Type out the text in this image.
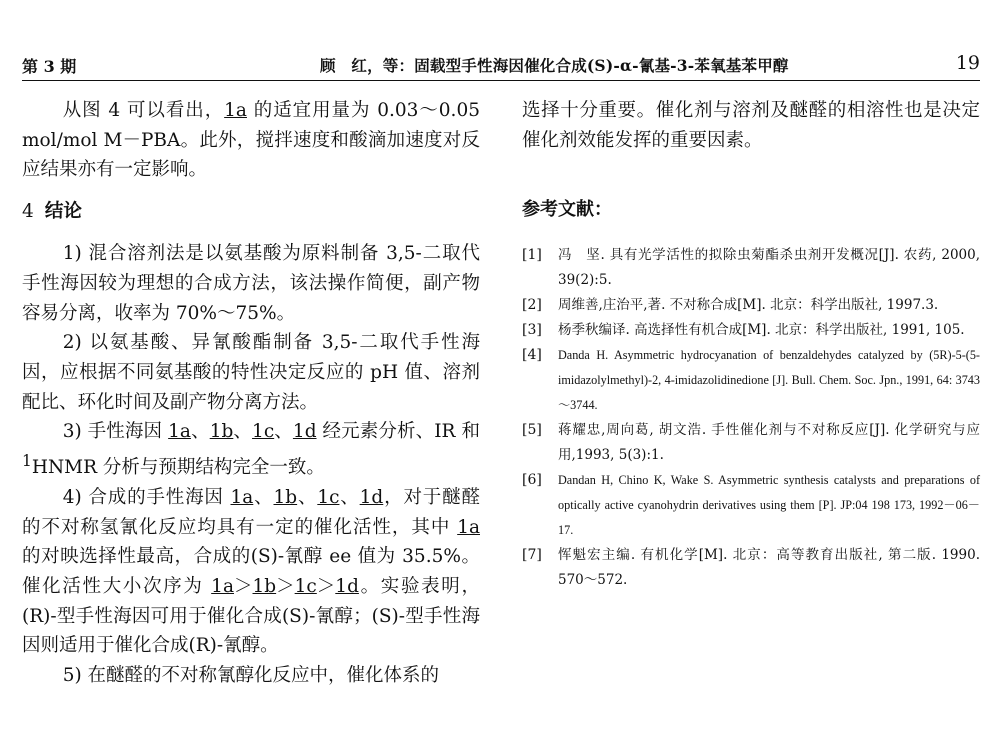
第 3 期	顾　红，等：固载型手性海因催化合成(S)-α-氰基-3-苯氧基苯甲醇	19

从图 4 可以看出，1a 的适宜用量为 0.03～0.05 mol/mol M－PBA。此外，搅拌速度和酸滴加速度对反应结果亦有一定影响。

4 结论

1) 混合溶剂法是以氨基酸为原料制备 3,5-二取代手性海因较为理想的合成方法，该法操作简便，副产物容易分离，收率为 70%～75%。

2) 以氨基酸、异氰酸酯制备 3,5-二取代手性海因，应根据不同氨基酸的特性决定反应的 pH 值、溶剂配比、环化时间及副产物分离方法。

3) 手性海因 1a、1b、1c、1d 经元素分析、IR 和 $^1$HNMR 分析与预期结构完全一致。

4) 合成的手性海因 1a、1b、1c、1d，对于醚醛的不对称氢氰化反应均具有一定的催化活性，其中 1a 的对映选择性最高，合成的(S)-氰醇 ee 值为 35.5%。催化活性大小次序为 1a＞1b＞1c＞1d。实验表明，(R)-型手性海因可用于催化合成(S)-氰醇；(S)-型手性海因则适用于催化合成(R)-氰醇。

5) 在醚醛的不对称氰醇化反应中，催化体系的

选择十分重要。催化剂与溶剂及醚醛的相溶性也是决定催化剂效能发挥的重要因素。

参考文献：
[1]	冯　坚. 具有光学活性的拟除虫菊酯杀虫剂开发概况[J]. 农药, 2000, 39(2):5.
[2]	周维善,庄治平,著. 不对称合成[M]. 北京：科学出版社, 1997.3.
[3]	杨季秋编译. 高选择性有机合成[M]. 北京：科学出版社, 1991, 105.
[4]	Danda H. Asymmetric hydrocyanation of benzaldehydes catalyzed by (5R)-5-(5-imidazolylmethyl)-2, 4-imidazolidinedione [J]. Bull. Chem. Soc. Jpn., 1991, 64: 3743～3744.
[5]	蒋耀忠,周向葛, 胡文浩. 手性催化剂与不对称反应[J]. 化学研究与应用,1993, 5(3):1.
[6]	Dandan H, Chino K, Wake S. Asymmetric synthesis catalysts and preparations of optically active cyanohydrin derivatives using them [P]. JP:04 198 173, 1992－06－17.
[7]	恽魁宏主编. 有机化学[M]. 北京：高等教育出版社, 第二版. 1990. 570～572.
